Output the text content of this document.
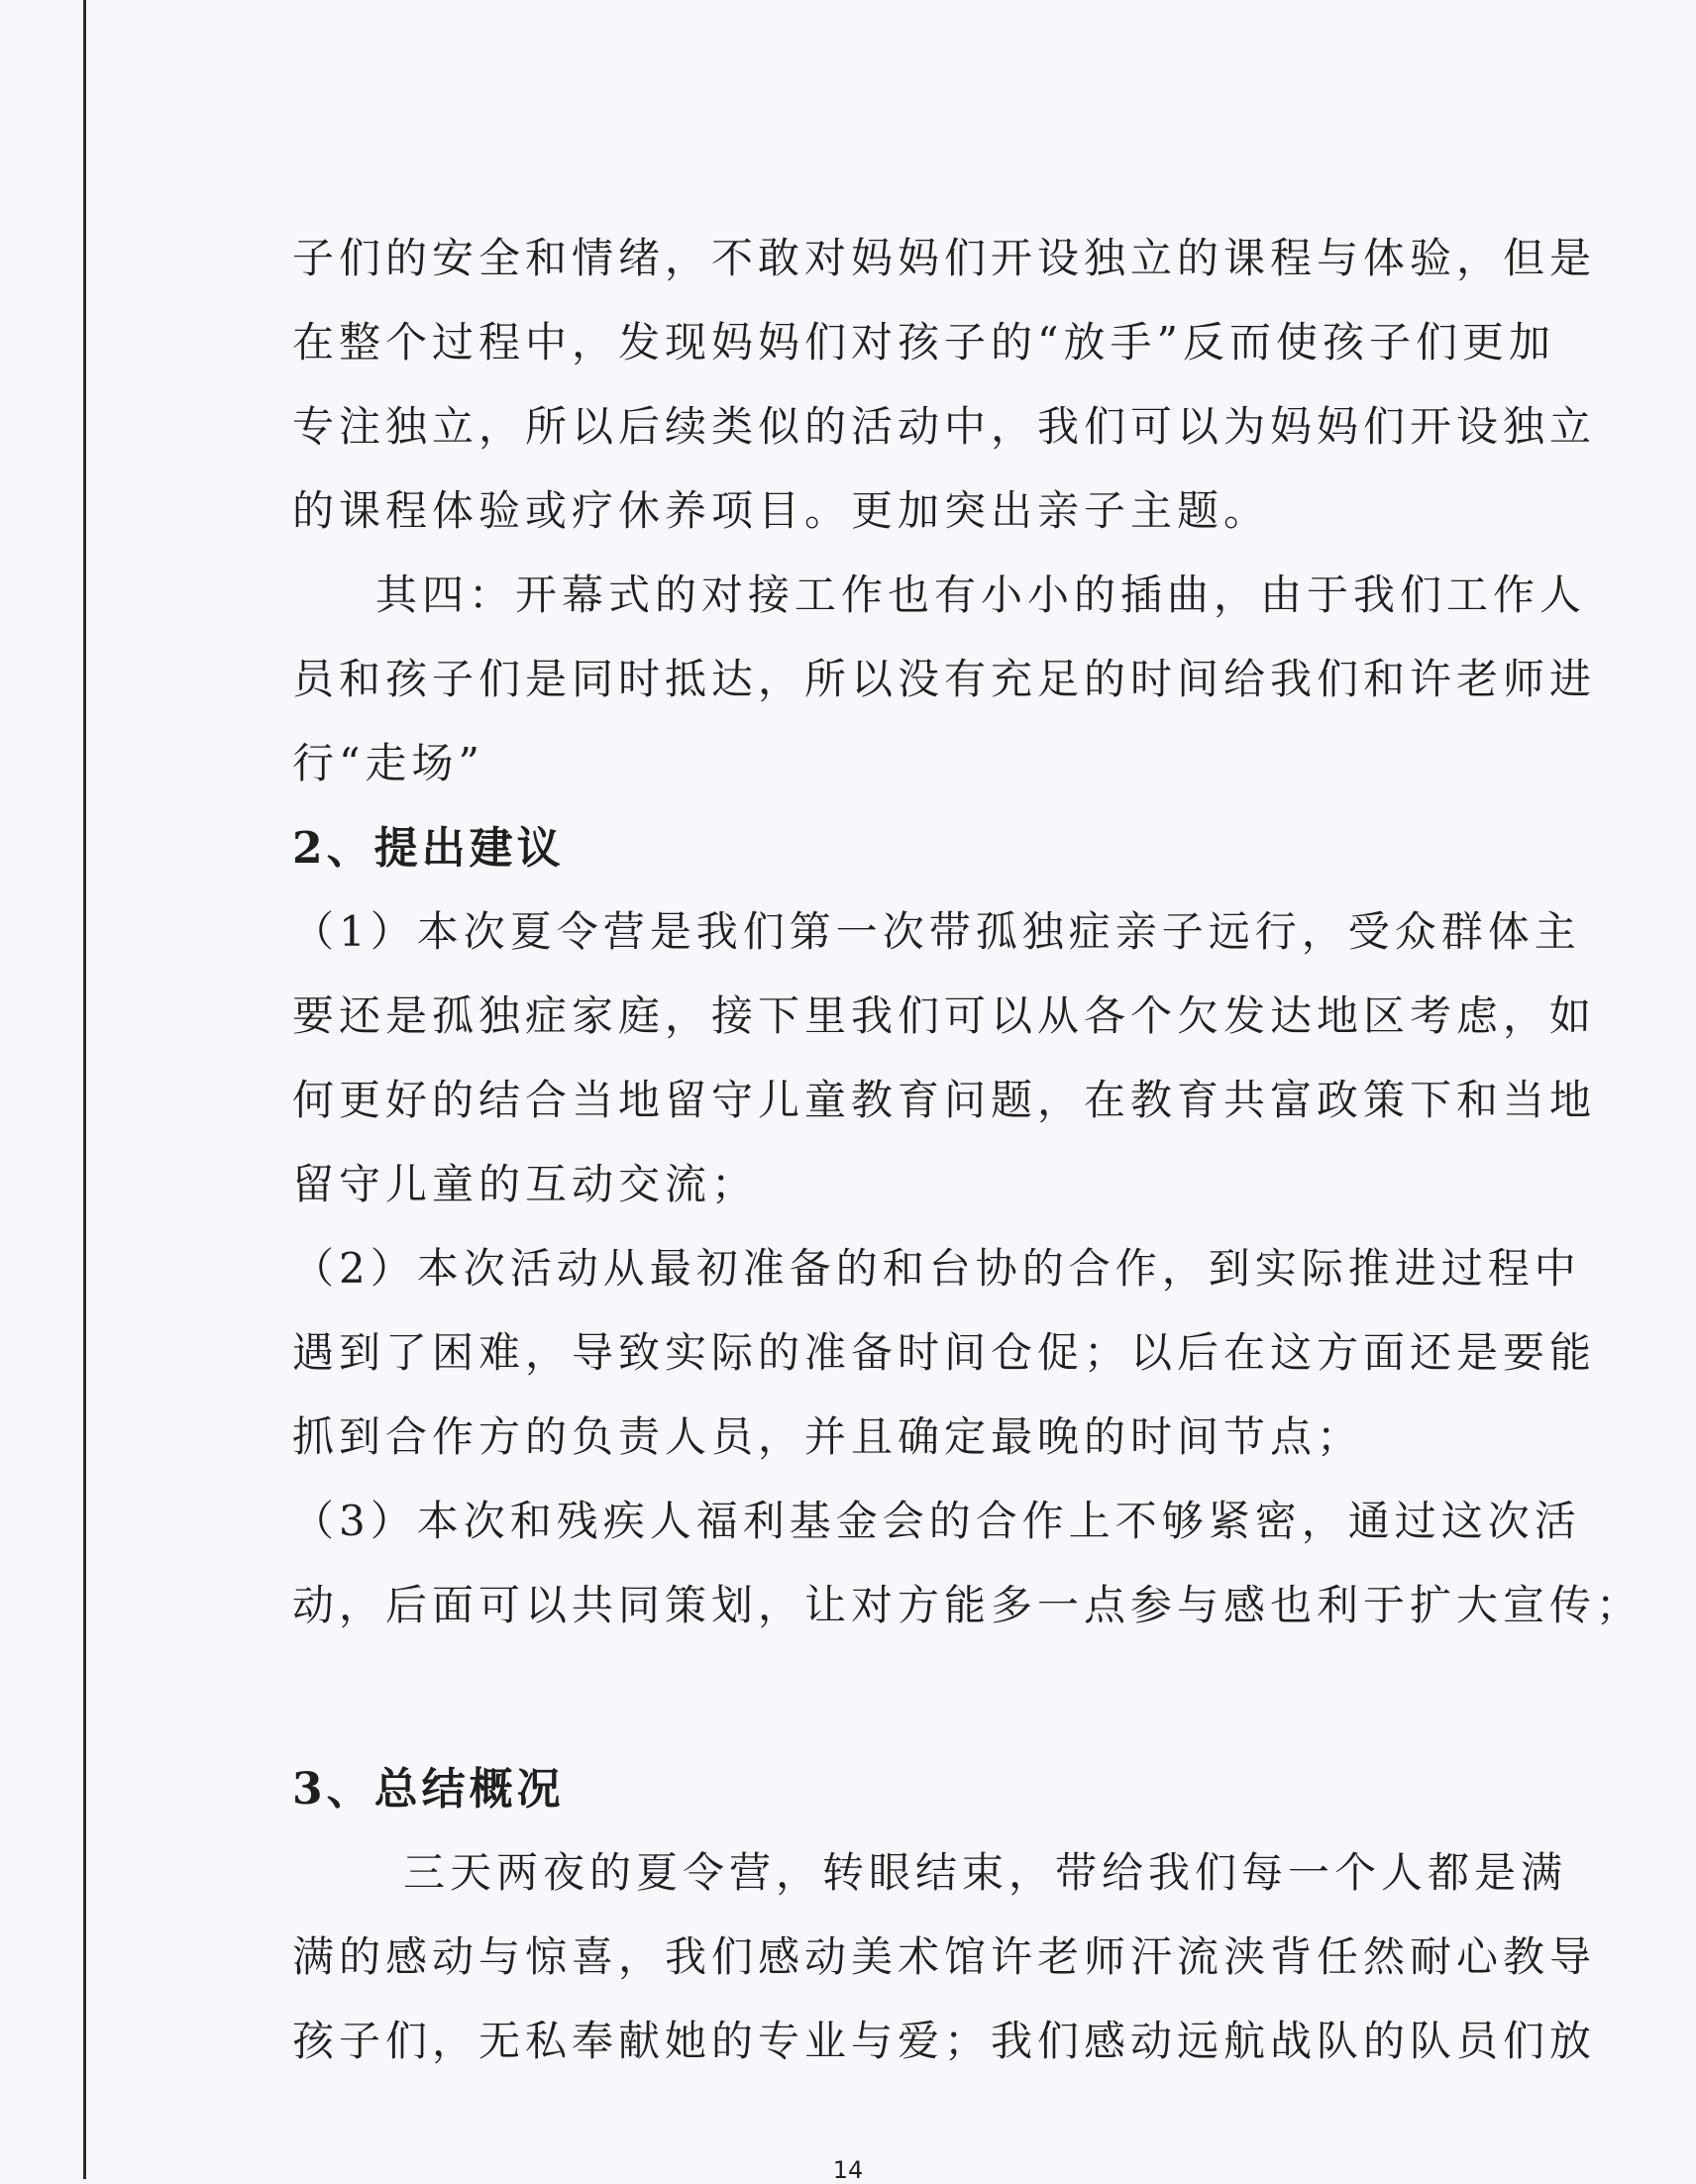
子们的安全和情绪，不敢对妈妈们开设独立的课程与体验，但是
在整个过程中，发现妈妈们对孩子的“放手”反而使孩子们更加
专注独立，所以后续类似的活动中，我们可以为妈妈们开设独立
的课程体验或疗休养项目。更加突出亲子主题。
其四：开幕式的对接工作也有小小的插曲，由于我们工作人
员和孩子们是同时抵达，所以没有充足的时间给我们和许老师进
行“走场”
2、提出建议
（1）本次夏令营是我们第一次带孤独症亲子远行，受众群体主
要还是孤独症家庭，接下里我们可以从各个欠发达地区考虑，如
何更好的结合当地留守儿童教育问题，在教育共富政策下和当地
留守儿童的互动交流；
（2）本次活动从最初准备的和台协的合作，到实际推进过程中
遇到了困难，导致实际的准备时间仓促；以后在这方面还是要能
抓到合作方的负责人员，并且确定最晚的时间节点；
（3）本次和残疾人福利基金会的合作上不够紧密，通过这次活
动，后面可以共同策划，让对方能多一点参与感也利于扩大宣传；
3、总结概况
三天两夜的夏令营，转眼结束，带给我们每一个人都是满
满的感动与惊喜，我们感动美术馆许老师汗流浃背任然耐心教导
孩子们，无私奉献她的专业与爱；我们感动远航战队的队员们放
14
